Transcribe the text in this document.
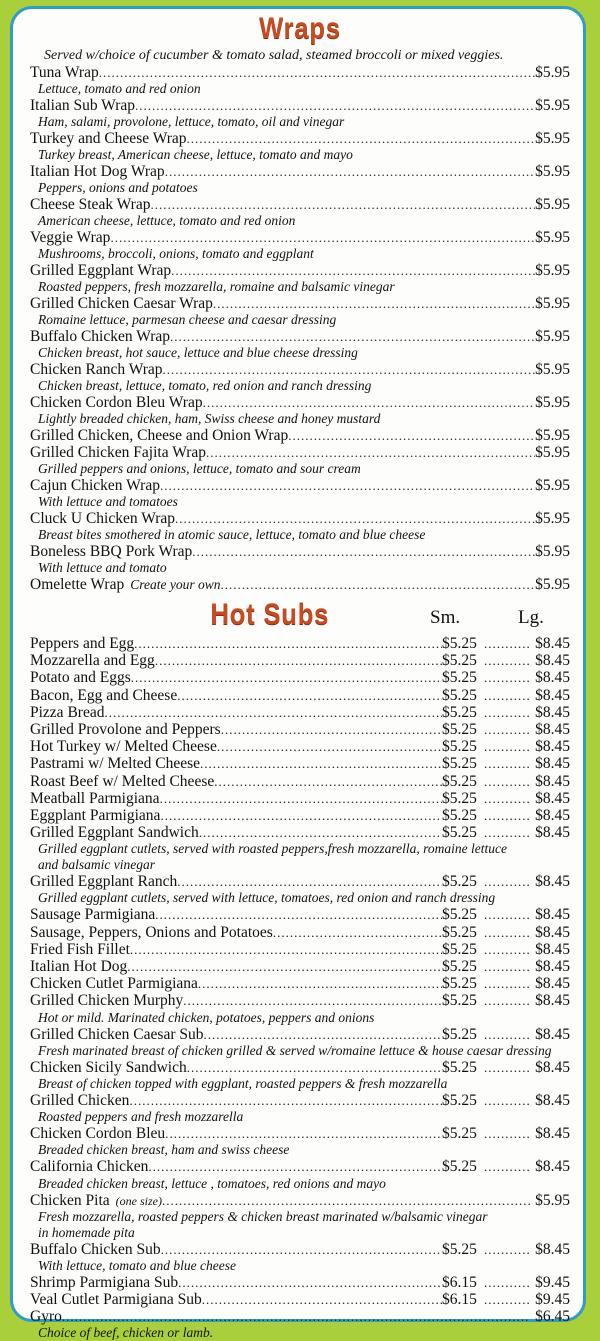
Wraps
Served w/choice of cucumber & tomato salad, steamed broccoli or mixed veggies.
Tuna Wrap .....	$5.95
Lettuce, tomato and red onion
Italian Sub Wrap .....	$5.95
Ham, salami, provolone, lettuce, tomato, oil and vinegar
Turkey and Cheese Wrap .....	$5.95
Turkey breast, American cheese, lettuce, tomato and mayo
Italian Hot Dog Wrap .....	$5.95
Peppers, onions and potatoes
Cheese Steak Wrap .....	$5.95
American cheese, lettuce, tomato and red onion
Veggie Wrap .....	$5.95
Mushrooms, broccoli, onions, tomato and eggplant
Grilled Eggplant Wrap .....	$5.95
Roasted peppers, fresh mozzarella, romaine and balsamic vinegar
Grilled Chicken Caesar Wrap .....	$5.95
Romaine lettuce, parmesan cheese and caesar dressing
Buffalo Chicken Wrap .....	$5.95
Chicken breast, hot sauce, lettuce and blue cheese dressing
Chicken Ranch Wrap .....	$5.95
Chicken breast, lettuce, tomato, red onion and ranch dressing
Chicken Cordon Bleu Wrap .....	$5.95
Lightly breaded chicken, ham, Swiss cheese and honey mustard
Grilled Chicken, Cheese and Onion Wrap .....	$5.95
Grilled Chicken Fajita Wrap .....	$5.95
Grilled peppers and onions, lettuce, tomato and sour cream
Cajun Chicken Wrap .....	$5.95
With lettuce and tomatoes
Cluck U Chicken Wrap .....	$5.95
Breast bites smothered in atomic sauce, lettuce, tomato and blue cheese
Boneless BBQ Pork Wrap .....	$5.95
With lettuce and tomato
Omelette Wrap Create your own .....	$5.95
Hot Subs	Sm.	Lg.
Peppers and Egg .....	$5.25 .....	$8.45
Mozzarella and Egg .....	$5.25 .....	$8.45
Potato and Eggs .....	$5.25 .....	$8.45
Bacon, Egg and Cheese .....	$5.25 .....	$8.45
Pizza Bread .....	$5.25 .....	$8.45
Grilled Provolone and Peppers .....	$5.25 .....	$8.45
Hot Turkey w/ Melted Cheese .....	$5.25 .....	$8.45
Pastrami w/ Melted Cheese .....	$5.25 .....	$8.45
Roast Beef w/ Melted Cheese .....	$5.25 .....	$8.45
Meatball Parmigiana .....	$5.25 .....	$8.45
Eggplant Parmigiana .....	$5.25 .....	$8.45
Grilled Eggplant Sandwich .....	$5.25 .....	$8.45
Grilled eggplant cutlets, served with roasted peppers,fresh mozzarella, romaine lettuce
and balsamic vinegar
Grilled Eggplant Ranch .....	$5.25 .....	$8.45
Grilled eggplant cutlets, served with lettuce, tomatoes, red onion and ranch dressing
Sausage Parmigiana .....	$5.25 .....	$8.45
Sausage, Peppers, Onions and Potatoes .....	$5.25 .....	$8.45
Fried Fish Fillet .....	$5.25 .....	$8.45
Italian Hot Dog .....	$5.25 .....	$8.45
Chicken Cutlet Parmigiana .....	$5.25 .....	$8.45
Grilled Chicken Murphy .....	$5.25 .....	$8.45
Hot or mild. Marinated chicken, potatoes, peppers and onions
Grilled Chicken Caesar Sub .....	$5.25 .....	$8.45
Fresh marinated breast of chicken grilled & served w/romaine lettuce & house caesar dressing
Chicken Sicily Sandwich .....	$5.25 .....	$8.45
Breast of chicken topped with eggplant, roasted peppers & fresh mozzarella
Grilled Chicken .....	$5.25 .....	$8.45
Roasted peppers and fresh mozzarella
Chicken Cordon Bleu .....	$5.25 .....	$8.45
Breaded chicken breast, ham and swiss cheese
California Chicken .....	$5.25 .....	$8.45
Breaded chicken breast, lettuce , tomatoes, red onions and mayo
Chicken Pita (one size) .....	$5.95
Fresh mozzarella, roasted peppers & chicken breast marinated w/balsamic vinegar
in homemade pita
Buffalo Chicken Sub .....	$5.25 .....	$8.45
With lettuce, tomato and blue cheese
Shrimp Parmigiana Sub .....	$6.15 .....	$9.45
Veal Cutlet Parmigiana Sub .....	$6.15 .....	$9.45
Gyro .....	$6.45
Choice of beef, chicken or lamb.
